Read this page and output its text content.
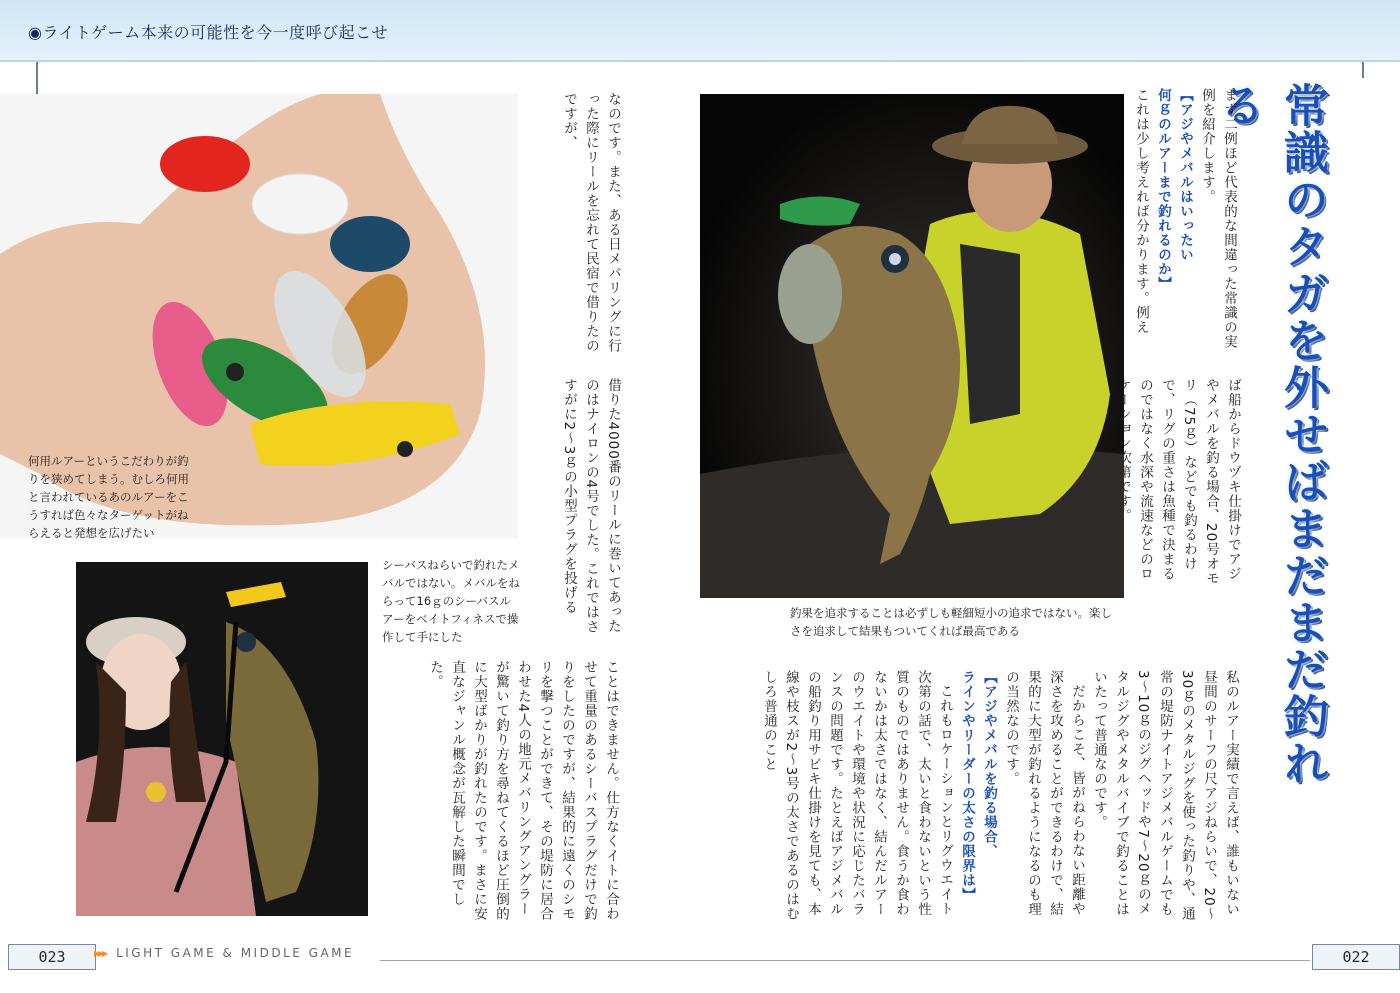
◉ライトゲーム本来の可能性を今一度呼び起こせ
常識のタガを外せばまだまだ釣れる

まず二例ほど代表的な間違った常識の実例を紹介します。

【アジやメバルはいったい
何ｇのルアーまで釣れるのか】

これは少し考えれば分かります。例え

ば船からドウヅキ仕掛けでアジやメバルを釣る場合、20号オモリ（75ｇ）などでも釣るわけで、リグの重さは魚種で決まるのではなく水深や流速などのロ

私のルアー実績で言えば、誰もいない昼間のサーフの尺アジねらいで、20〜30ｇのメタルジグを使った釣りや、通常の堤防ナイトアジメバルゲームでも3〜10ｇのジグヘッドや7〜20ｇのメタルジグやメタルバイブで釣ることはいたって普通なのです。

だからこそ、皆がねらわない距離や深さを攻めることができるわけで、結果的に大型が釣れるようになるのも理の当然なのです。

【アジやメバルを釣る場合、
ラインやリーダーの太さの限界は】

これもロケーションとリグウエイト次第の話で、太いと食わないという性質のものではありません。食うか食わないかは太さではなく、結んだルアーのウエイトや環境や状況に応じたバランスの問題です。たとえばアジメバルの船釣り用サビキ仕掛けを見ても、本線や枝スが2〜3号の太さであるのはむしろ普通のこと

釣果を追求することは必ずしも軽細短小の追求ではない。楽しさを追求して結果もついてくれば最高である
何用ルアーというこだわりが釣りを狭めてしまう。むしろ何用と言われているあのルアーをこうすれば色々なターゲットがねらえると発想を広げたい

なのです。また、ある日メバリングに行った際にリールを忘れて民宿で借りたのですが、

借りた4000番のリールに巻いてあったのはナイロンの4号でした。これではさすがに2〜3ｇの小型プラグを投げる

ことはできません。仕方なくイトに合わせて重量のあるシーバスプラグだけで釣りをしたのですが、結果的に遠くのシモリを撃つことができて、その堤防に居合わせた4人の地元メバリングアングラーが驚いて釣り方を尋ねてくるほど圧倒的に大型ばかりが釣れたのです。まさに安直なジャンル概念が瓦解した瞬間でした。

シーバスねらいで釣れたメバルではない。メバルをねらって16ｇのシーバスルアーをベイトフィネスで操作して手にした
023	▸▸▸ LIGHT GAME & MIDDLE GAME	022
